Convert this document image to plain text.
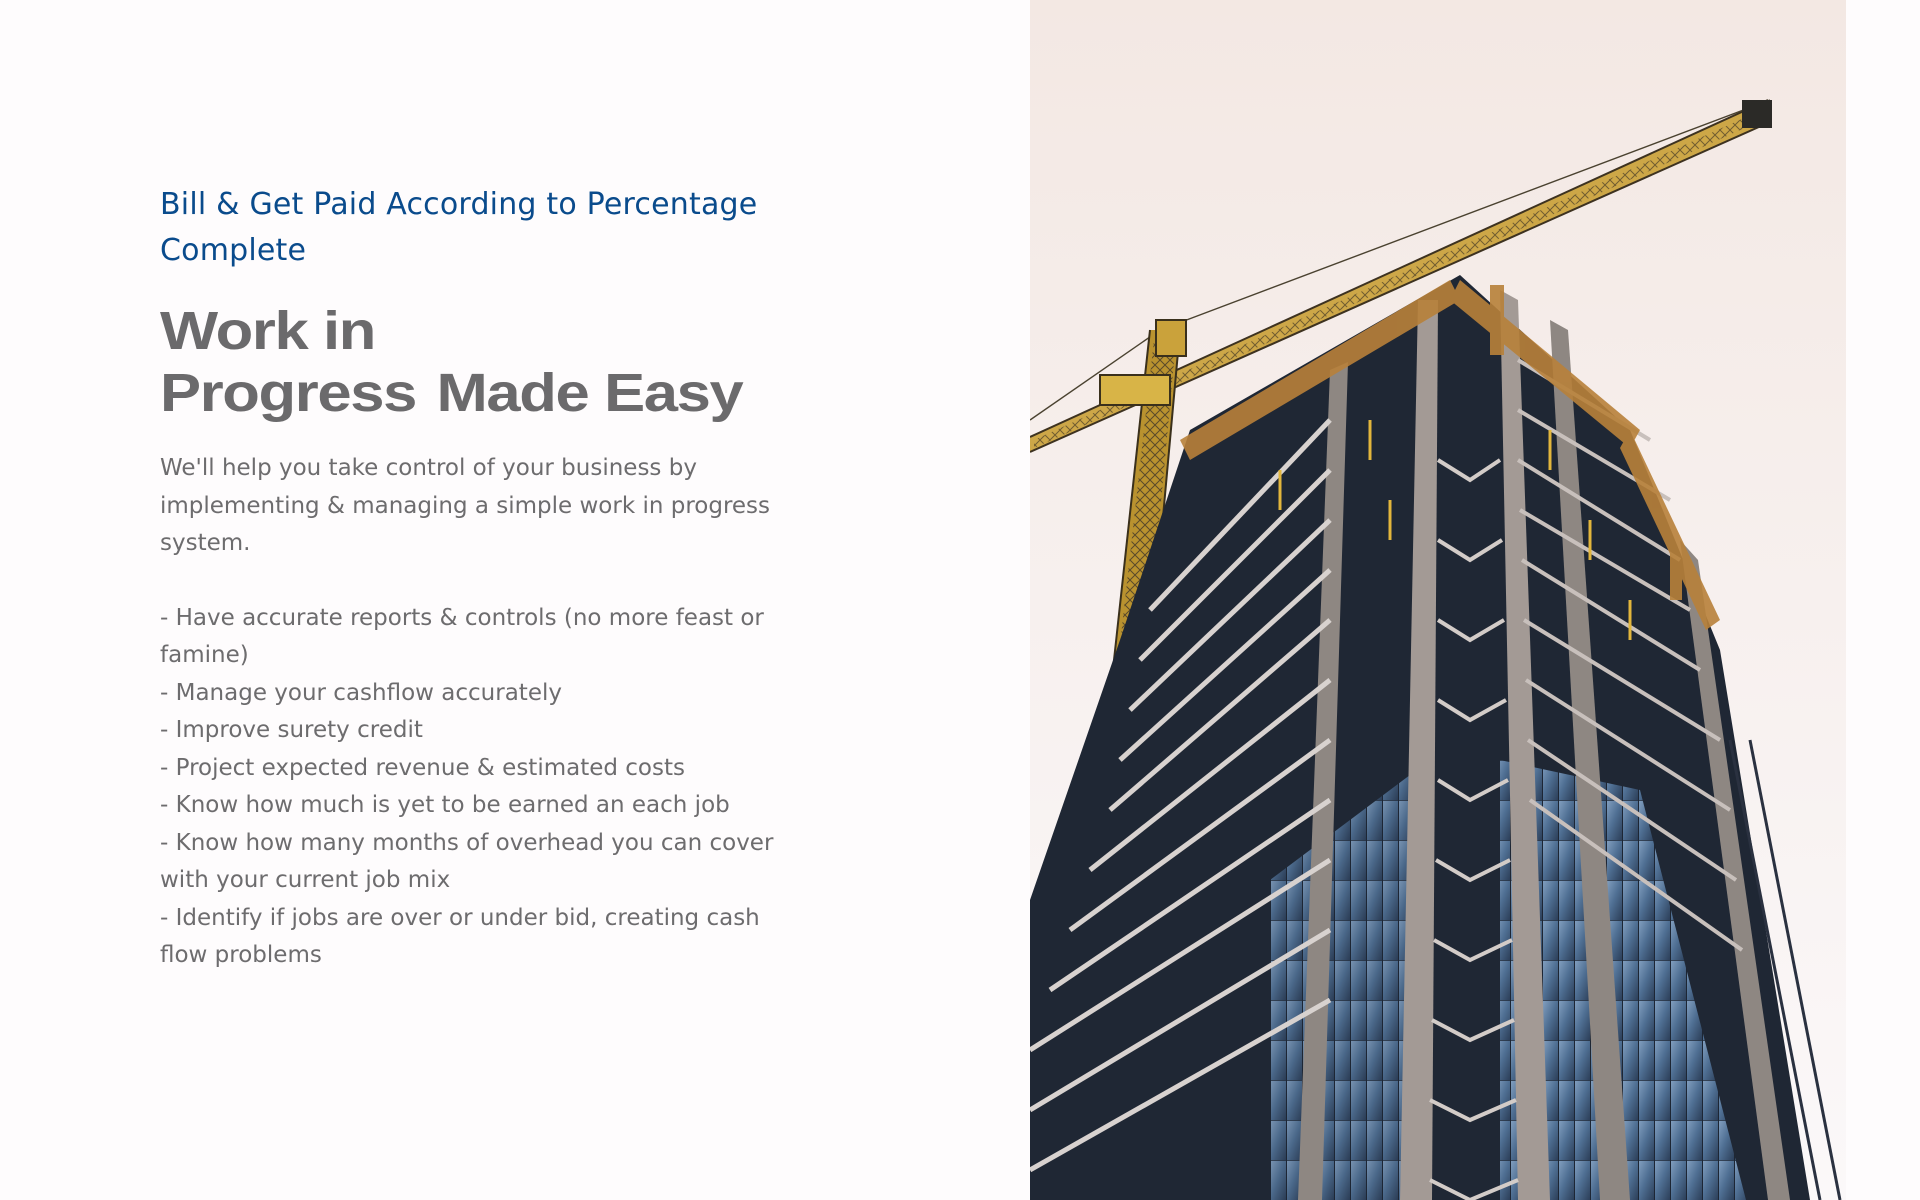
Bill & Get Paid According to Percentage Complete
Work in
Progress Made Easy

We'll help you take control of your business by implementing & managing a simple work in progress system.

- Have accurate reports & controls (no more feast or famine)
- Manage your cashflow accurately
- Improve surety credit
- Project expected revenue & estimated costs
- Know how much is yet to be earned an each job
- Know how many months of overhead you can cover with your current job mix
- Identify if jobs are over or under bid, creating cash flow problems
